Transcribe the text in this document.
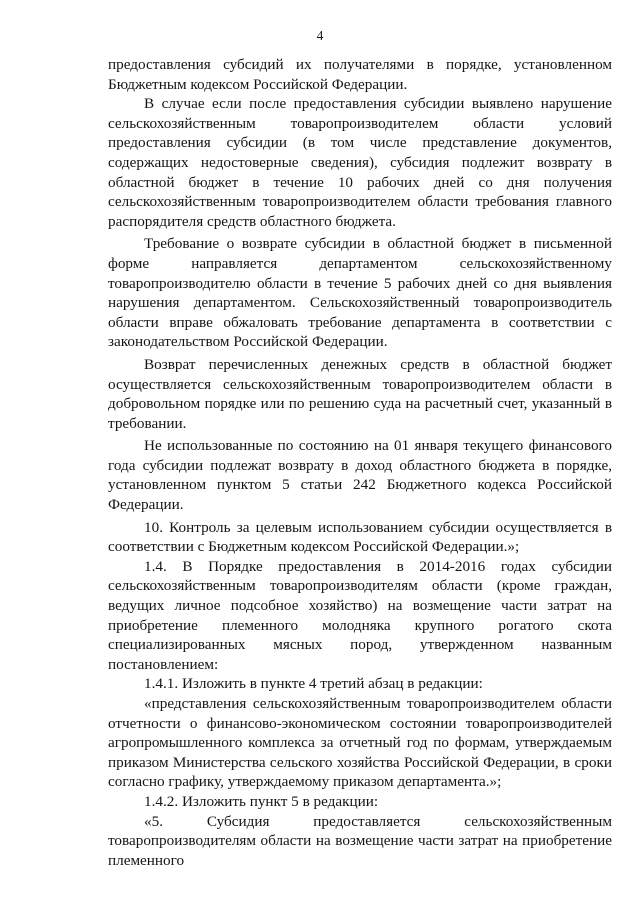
4

предоставления субсидий их получателями в порядке, установленном Бюджетным кодексом Российской Федерации.

В случае если после предоставления субсидии выявлено нарушение сельскохозяйственным товаропроизводителем области условий предоставления субсидии (в том числе представление документов, содержащих недостоверные сведения), субсидия подлежит возврату в областной бюджет в течение 10 рабочих дней со дня получения сельскохозяйственным товаропроизводителем области требования главного распорядителя средств областного бюджета.

Требование о возврате субсидии в областной бюджет в письменной форме направляется департаментом сельскохозяйственному товаропроизводителю области в течение 5 рабочих дней со дня выявления нарушения департаментом. Сельскохозяйственный товаропроизводитель области вправе обжаловать требование департамента в соответствии с законодательством Российской Федерации.

Возврат перечисленных денежных средств в областной бюджет осуществляется сельскохозяйственным товаропроизводителем области в добровольном порядке или по решению суда на расчетный счет, указанный в требовании.

Не использованные по состоянию на 01 января текущего финансового года субсидии подлежат возврату в доход областного бюджета в порядке, установленном пунктом 5 статьи 242 Бюджетного кодекса Российской Федерации.

10. Контроль за целевым использованием субсидии осуществляется в соответствии с Бюджетным кодексом Российской Федерации.»;

1.4. В Порядке предоставления в 2014-2016 годах субсидии сельскохозяйственным товаропроизводителям области (кроме граждан, ведущих личное подсобное хозяйство) на возмещение части затрат на приобретение племенного молодняка крупного рогатого скота специализированных мясных пород, утвержденном названным постановлением:

1.4.1. Изложить в пункте 4 третий абзац в редакции:

«представления сельскохозяйственным товаропроизводителем области отчетности о финансово-экономическом состоянии товаропроизводителей агропромышленного комплекса за отчетный год по формам, утверждаемым приказом Министерства сельского хозяйства Российской Федерации, в сроки согласно графику, утверждаемому приказом департамента.»;

1.4.2. Изложить пункт 5 в редакции:

«5. Субсидия предоставляется сельскохозяйственным товаропроизводителям области на возмещение части затрат на приобретение племенного
